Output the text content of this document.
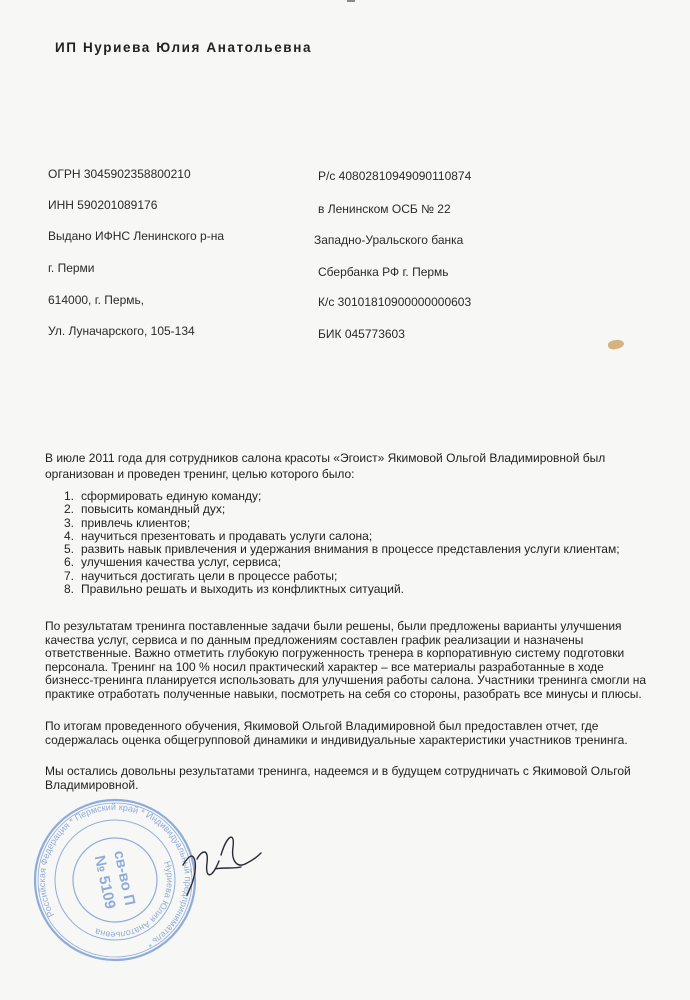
ИП Нуриева Юлия Анатольевна
ОГРН 3045902358800210
ИНН 590201089176
Выдано ИФНС Ленинского р-на
г. Перми
614000, г. Пермь,
Ул. Луначарского, 105-134
Р/с 40802810949090110874
в Ленинском ОСБ № 22
Западно-Уральского банка
Сбербанка РФ г. Пермь
К/с 30101810900000000603
БИК 045773603
В июле 2011 года для сотрудников салона красоты «Эгоист» Якимовой Ольгой Владимировной был организован и проведен тренинг, целью которого было:
1. сформировать единую команду;
2. повысить командный дух;
3. привлечь клиентов;
4. научиться презентовать и продавать услуги салона;
5. развить навык привлечения и удержания внимания в процессе представления услуги клиентам;
6. улучшения качества услуг, сервиса;
7. научиться достигать цели в процессе работы;
8. Правильно решать и выходить из конфликтных ситуаций.

По результатам тренинга поставленные задачи были решены, были предложены варианты улучшения качества услуг, сервиса и по данным предложениям составлен график реализации и назначены ответственные. Важно отметить глубокую погруженность тренера в корпоративную систему подготовки персонала. Тренинг на 100 % носил практический характер – все материалы разработанные в ходе бизнесс-тренинга планируется использовать для улучшения работы салона. Участники тренинга смогли на практике отработать полученные навыки, посмотреть на себя со стороны, разобрать все минусы и плюсы.

По итогам проведенного обучения, Якимовой Ольгой Владимировной был предоставлен отчет, где содержалась оценка общегрупповой динамики и индивидуальные характеристики участников тренинга.

Мы остались довольны результатами тренинга, надеемся и в будущем сотрудничать с Якимовой Ольгой Владимировной.

Российская Федерация * Пермский край * Индивидуальный предприниматель *
Нуриева Юлия Анатольевна
св-во П
№ 5109
